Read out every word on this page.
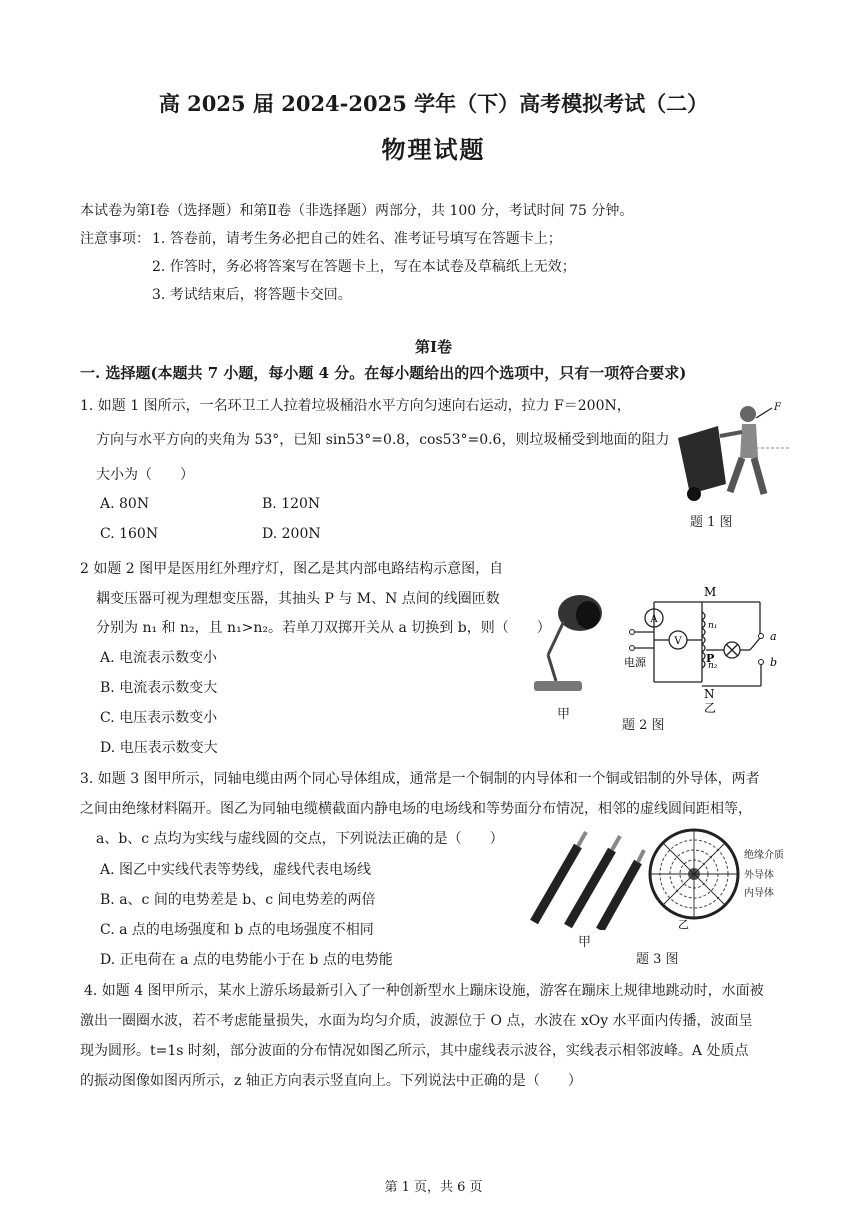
高 2025 届 2024-2025 学年（下）高考模拟考试（二）
物理试题
本试卷为第Ⅰ卷（选择题）和第Ⅱ卷（非选择题）两部分，共 100 分，考试时间 75 分钟。
注意事项： 1. 答卷前，请考生务必把自己的姓名、准考证号填写在答题卡上；
2. 作答时，务必将答案写在答题卡上，写在本试卷及草稿纸上无效；
3. 考试结束后，将答题卡交回。
第Ⅰ卷
一. 选择题(本题共 7 小题，每小题 4 分。在每小题给出的四个选项中，只有一项符合要求)
1. 如题 1 图所示，一名环卫工人拉着垃圾桶沿水平方向匀速向右运动，拉力 F＝200N，
方向与水平方向的夹角为 53°，已知 sin53°=0.8，cos53°=0.6，则垃圾桶受到地面的阻力
大小为（　　）
A. 80N	B. 120N
C. 160N	D. 200N
F
题 1 图
2 如题 2 图甲是医用红外理疗灯，图乙是其内部电路结构示意图，自
耦变压器可视为理想变压器，其抽头 P 与 M、N 点间的线圈匝数
分别为 n₁ 和 n₂，且 n₁>n₂。若单刀双掷开关从 a 切换到 b，则（　　）
A. 电流表示数变小
B. 电流表示数变大
C. 电压表示数变小
D. 电压表示数变大
甲
A
V
电源
M
N
n₁
n₂
P
a
b
乙
题 2 图
3. 如题 3 图甲所示，同轴电缆由两个同心导体组成，通常是一个铜制的内导体和一个铜或铝制的外导体，两者
之间由绝缘材料隔开。图乙为同轴电缆横截面内静电场的电场线和等势面分布情况，相邻的虚线圆间距相等，
a、b、c 点均为实线与虚线圆的交点，下列说法正确的是（　　）
A. 图乙中实线代表等势线，虚线代表电场线
B. a、c 间的电势差是 b、c 间电势差的两倍
C. a 点的电场强度和 b 点的电场强度不相同
D. 正电荷在 a 点的电势能小于在 b 点的电势能
甲
乙
绝缘介质
外导体
内导体
题 3 图
4. 如题 4 图甲所示，某水上游乐场最新引入了一种创新型水上蹦床设施，游客在蹦床上规律地跳动时，水面被
激出一圈圈水波，若不考虑能量损失，水面为均匀介质，波源位于 O 点，水波在 xOy 水平面内传播，波面呈
现为圆形。t=1s 时刻，部分波面的分布情况如图乙所示，其中虚线表示波谷，实线表示相邻波峰。A 处质点
的振动图像如图丙所示，z 轴正方向表示竖直向上。下列说法中正确的是（　　）
第 1 页，共 6 页
